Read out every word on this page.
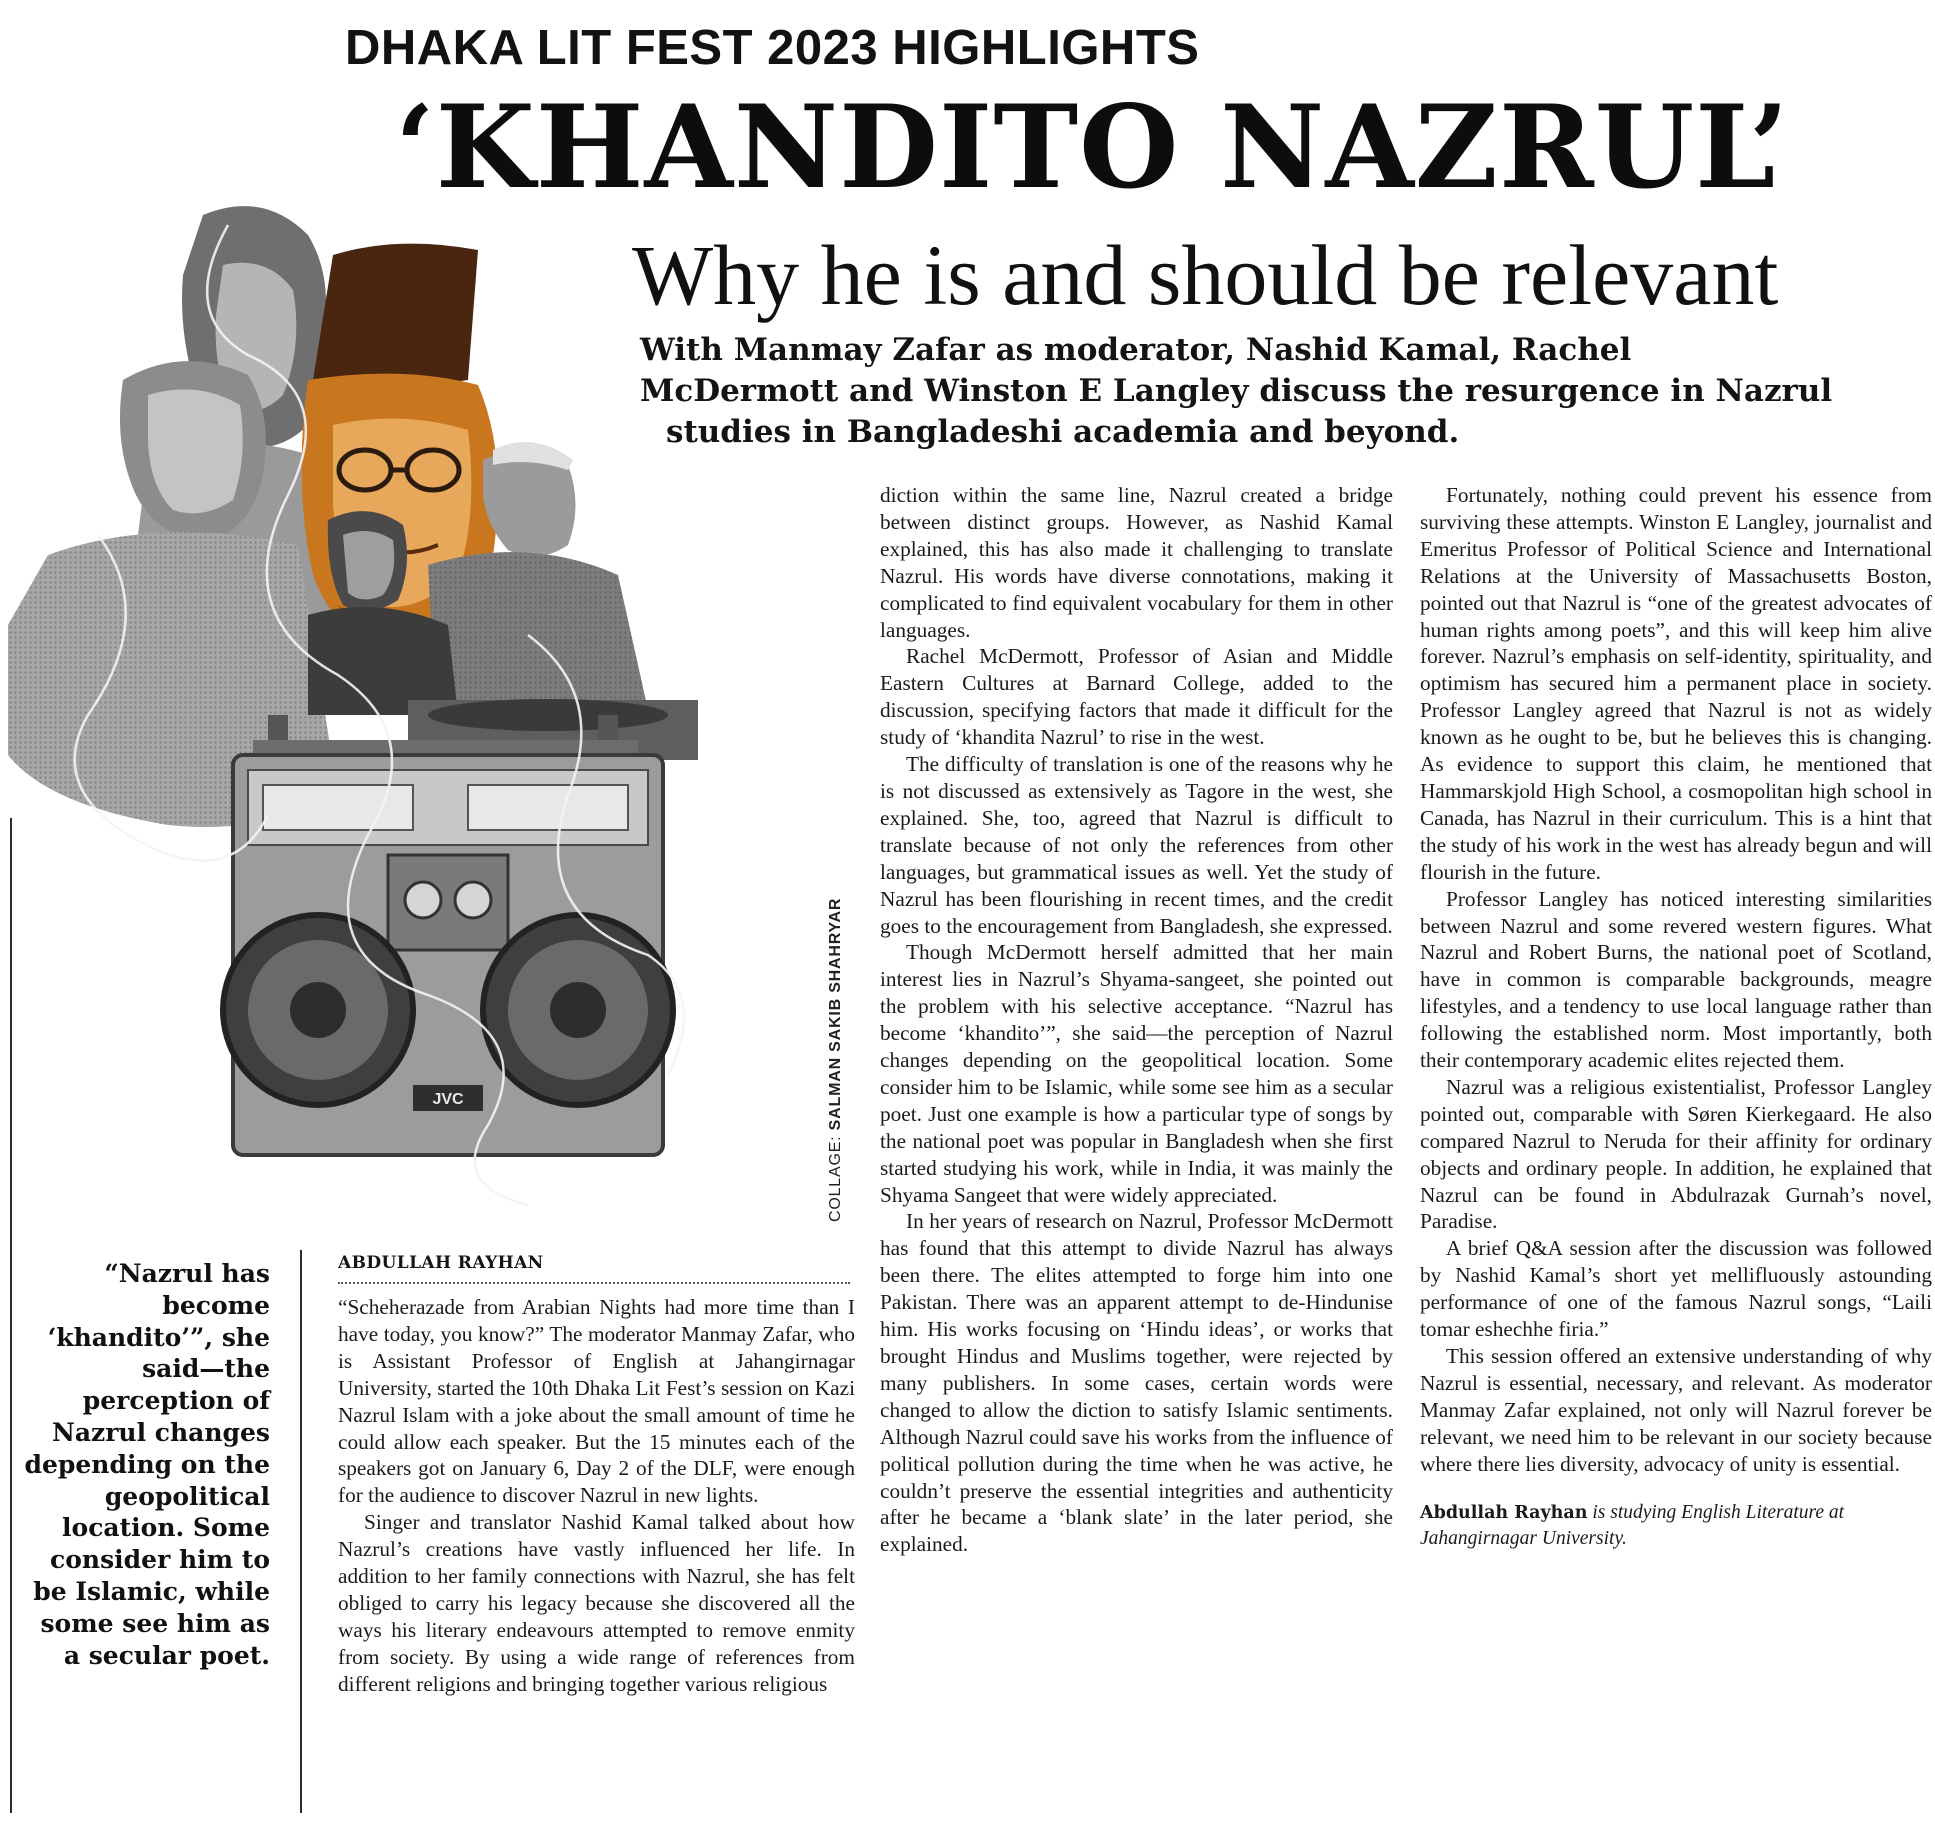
DHAKA LIT FEST 2023 HIGHLIGHTS
‘KHANDITO NAZRUL’
Why he is and should be relevant
With Manmay Zafar as moderator, Nashid Kamal, Rachel
McDermott and Winston E Langley discuss the resurgence in Nazrul
studies in Bangladeshi academia and beyond.
JVC
COLLAGE: SALMAN SAKIB SHAHRYAR
“Nazrul has become ‘khandito’”, she said—the perception of Nazrul changes depending on the geopolitical location. Some consider him to be Islamic, while some see him as a secular poet.
ABDULLAH RAYHAN

“Scheherazade from Arabian Nights had more time than I have today, you know?” The moderator Manmay Zafar, who is Assistant Professor of English at Jahangirnagar University, started the 10th Dhaka Lit Fest’s session on Kazi Nazrul Islam with a joke about the small amount of time he could allow each speaker. But the 15 minutes each of the speakers got on January 6, Day 2 of the DLF, were enough for the audience to discover Nazrul in new lights.

Singer and translator Nashid Kamal talked about how Nazrul’s creations have vastly influenced her life. In addition to her family connections with Nazrul, she has felt obliged to carry his legacy because she discovered all the ways his literary endeavours attempted to remove enmity from society. By using a wide range of references from different religions and bringing together various religious

diction within the same line, Nazrul created a bridge between distinct groups. However, as Nashid Kamal explained, this has also made it challenging to translate Nazrul. His words have diverse connotations, making it complicated to find equivalent vocabulary for them in other languages.

Rachel McDermott, Professor of Asian and Middle Eastern Cultures at Barnard College, added to the discussion, specifying factors that made it difficult for the study of ‘khandita Nazrul’ to rise in the west.

The difficulty of translation is one of the reasons why he is not discussed as extensively as Tagore in the west, she explained. She, too, agreed that Nazrul is difficult to translate because of not only the references from other languages, but grammatical issues as well. Yet the study of Nazrul has been flourishing in recent times, and the credit goes to the encouragement from Bangladesh, she expressed.

Though McDermott herself admitted that her main interest lies in Nazrul’s Shyama-sangeet, she pointed out the problem with his selective acceptance. “Nazrul has become ‘khandito’”, she said—the perception of Nazrul changes depending on the geopolitical location. Some consider him to be Islamic, while some see him as a secular poet. Just one example is how a particular type of songs by the national poet was popular in Bangladesh when she first started studying his work, while in India, it was mainly the Shyama Sangeet that were widely appreciated.

In her years of research on Nazrul, Professor McDermott has found that this attempt to divide Nazrul has always been there. The elites attempted to forge him into one Pakistan. There was an apparent attempt to de-Hindunise him. His works focusing on ‘Hindu ideas’, or works that brought Hindus and Muslims together, were rejected by many publishers. In some cases, certain words were changed to allow the diction to satisfy Islamic sentiments. Although Nazrul could save his works from the influence of political pollution during the time when he was active, he couldn’t preserve the essential integrities and authenticity after he became a ‘blank slate’ in the later period, she explained.

Fortunately, nothing could prevent his essence from surviving these attempts. Winston E Langley, journalist and Emeritus Professor of Political Science and International Relations at the University of Massachusetts Boston, pointed out that Nazrul is “one of the greatest advocates of human rights among poets”, and this will keep him alive forever. Nazrul’s emphasis on self-identity, spirituality, and optimism has secured him a permanent place in society. Professor Langley agreed that Nazrul is not as widely known as he ought to be, but he believes this is changing. As evidence to support this claim, he mentioned that Hammarskjold High School, a cosmopolitan high school in Canada, has Nazrul in their curriculum. This is a hint that the study of his work in the west has already begun and will flourish in the future.

Professor Langley has noticed interesting similarities between Nazrul and some revered western figures. What Nazrul and Robert Burns, the national poet of Scotland, have in common is comparable backgrounds, meagre lifestyles, and a tendency to use local language rather than following the established norm. Most importantly, both their contemporary academic elites rejected them.

Nazrul was a religious existentialist, Professor Langley pointed out, comparable with Søren Kierkegaard. He also compared Nazrul to Neruda for their affinity for ordinary objects and ordinary people. In addition, he explained that Nazrul can be found in Abdulrazak Gurnah’s novel, Paradise.

A brief Q&A session after the discussion was followed by Nashid Kamal’s short yet mellifluously astounding performance of one of the famous Nazrul songs, “Laili tomar eshechhe firia.”

This session offered an extensive understanding of why Nazrul is essential, necessary, and relevant. As moderator Manmay Zafar explained, not only will Nazrul forever be relevant, we need him to be relevant in our society because where there lies diversity, advocacy of unity is essential.

Abdullah Rayhan is studying English Literature at Jahangirnagar University.
